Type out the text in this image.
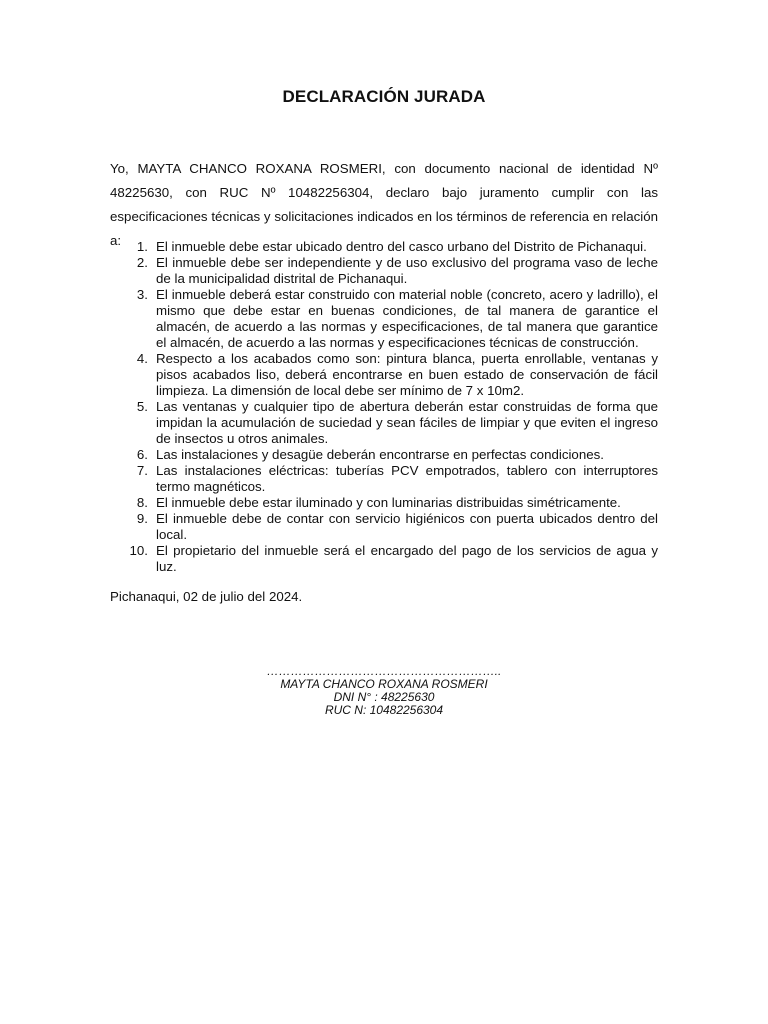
DECLARACIÓN JURADA

Yo, MAYTA CHANCO ROXANA ROSMERI, con documento nacional de identidad Nº 48225630, con RUC Nº 10482256304, declaro bajo juramento cumplir con las especificaciones técnicas y solicitaciones indicados en los términos de referencia en relación a:	1. El inmueble debe estar ubicado dentro del casco urbano del Distrito de Pichanaqui.
2. El inmueble debe ser independiente y de uso exclusivo del programa vaso de leche de la municipalidad distrital de Pichanaqui.
3. El inmueble deberá estar construido con material noble (concreto, acero y ladrillo), el mismo que debe estar en buenas condiciones, de tal manera de garantice el almacén, de acuerdo a las normas y especificaciones, de tal manera que garantice el almacén, de acuerdo a las normas y especificaciones técnicas de construcción.
4. Respecto a los acabados como son: pintura blanca, puerta enrollable, ventanas y pisos acabados liso, deberá encontrarse en buen estado de conservación de fácil limpieza. La dimensión de local debe ser mínimo de 7 x 10m2.
5. Las ventanas y cualquier tipo de abertura deberán estar construidas de forma que impidan la acumulación de suciedad y sean fáciles de limpiar y que eviten el ingreso de insectos u otros animales.
6. Las instalaciones y desagüe deberán encontrarse en perfectas condiciones.
7. Las instalaciones eléctricas: tuberías PCV empotrados, tablero con interruptores termo magnéticos.
8. El inmueble debe estar iluminado y con luminarias distribuidas simétricamente.
9. El inmueble debe de contar con servicio higiénicos con puerta ubicados dentro del local.
10. El propietario del inmueble será el encargado del pago de los servicios de agua y luz.
Pichanaqui, 02 de julio del 2024.
…………………………………………………..
MAYTA CHANCO ROXANA ROSMERI
DNI N° : 48225630
RUC N: 10482256304
